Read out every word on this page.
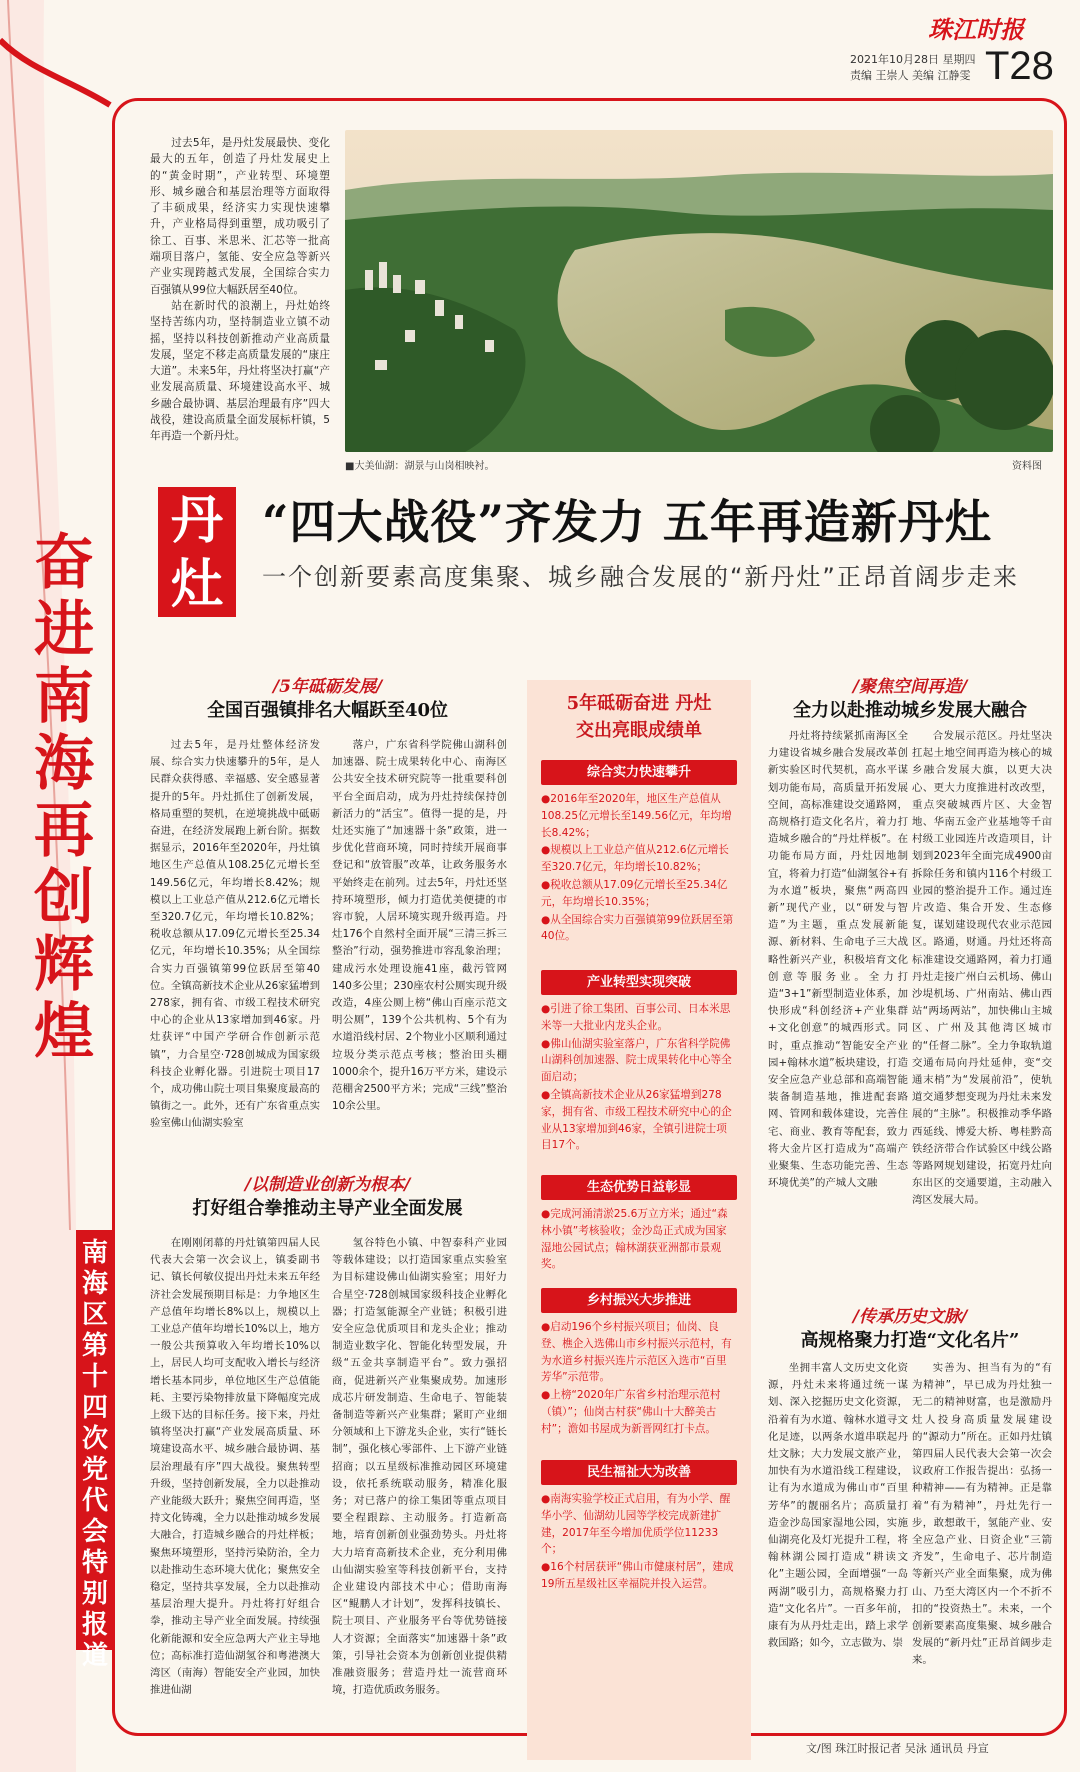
珠江时报
2021年10月28日 星期四
责编 王崇人 美编 江静雯 T28
奋进南海 再创辉煌
南海区第十四次党代会特别报道

过去5年，是丹灶发展最快、变化最大的五年，创造了丹灶发展史上的“黄金时期”，产业转型、环境塑形、城乡融合和基层治理等方面取得了丰硕成果，经济实力实现快速攀升，产业格局得到重塑，成功吸引了徐工、百事、米思米、汇芯等一批高端项目落户，氢能、安全应急等新兴产业实现跨越式发展，全国综合实力百强镇从99位大幅跃居至40位。

站在新时代的浪潮上，丹灶始终坚持苦练内功，坚持制造业立镇不动摇，坚持以科技创新推动产业高质量发展，坚定不移走高质量发展的“康庄大道”。未来5年，丹灶将坚决打赢“产业发展高质量、环境建设高水平、城乡融合最协调、基层治理最有序”四大战役，建设高质量全面发展标杆镇，5年再造一个新丹灶。

■大美仙湖：湖景与山岗相映衬。	资料图
丹灶
“四大战役”齐发力 五年再造新丹灶
一个创新要素高度集聚、城乡融合发展的“新丹灶”正昂首阔步走来
/5年砥砺发展/
全国百强镇排名大幅跃至40位

过去5年，是丹灶整体经济发展、综合实力快速攀升的5年，是人民群众获得感、幸福感、安全感显著提升的5年。丹灶抓住了创新发展，格局重塑的契机，在逆境挑战中砥砺奋进，在经济发展跑上新台阶。据数据显示，2016年至2020年，丹灶镇地区生产总值从108.25亿元增长至149.56亿元，年均增长8.42%；规模以上工业总产值从212.6亿元增长至320.7亿元，年均增长10.82%；税收总额从17.09亿元增长至25.34亿元，年均增长10.35%；从全国综合实力百强镇第99位跃居至第40位。全镇高新技术企业从26家猛增到278家，拥有省、市级工程技术研究中心的企业从13家增加到46家。丹灶获评“中国产学研合作创新示范镇”，力合星空·728创城成为国家级科技企业孵化器。引进院士项目17个，成功佛山院士项目集聚度最高的镇街之一。此外，还有广东省重点实验室佛山仙湖实验室

落户，广东省科学院佛山湖科创加速器、院士成果转化中心、南海区公共安全技术研究院等一批重要科创平台全面启动，成为丹灶持续保持创新活力的“活宝”。值得一提的是，丹灶还实施了“加速器十条”政策，进一步优化营商环境，同时持续开展商事登记和“放管服”改革，让政务服务水平始终走在前列。过去5年，丹灶还坚持环境塑形，倾力打造优美便捷的市容市貌，人居环境实现升级再造。丹灶176个自然村全面开展“三清三拆三整治”行动，强势推进市容乱象治理；建成污水处理设施41座，截污管网140多公里；230座农村公厕实现升级改造，4座公厕上榜“佛山百座示范文明公厕”，139个公共机构、5个有为水道沿线村居、2个物业小区顺利通过垃圾分类示范点考核；整治田头棚1000余个，提升16万平方米，建设示范棚舍2500平方米；完成“三线”整治10余公里。

/以制造业创新为根本/
打好组合拳推动主导产业全面发展

在刚刚闭幕的丹灶镇第四届人民代表大会第一次会议上，镇委副书记、镇长何敏仪提出丹灶未来五年经济社会发展预期目标是：力争地区生产总值年均增长8%以上，规模以上工业总产值年均增长10%以上，地方一般公共预算收入年均增长10%以上，居民人均可支配收入增长与经济增长基本同步，单位地区生产总值能耗、主要污染物排放量下降幅度完成上级下达的目标任务。接下来，丹灶镇将坚决打赢“产业发展高质量、环境建设高水平、城乡融合最协调、基层治理最有序”四大战役。聚焦转型升级，坚持创新发展，全力以赴推动产业能级大跃升；聚焦空间再造，坚持文化铸魂，全力以赴推动城乡发展大融合，打造城乡融合的丹灶样板；聚焦环境塑形，坚持污染防治，全力以赴推动生态环境大优化；聚焦安全稳定，坚持共享发展，全力以赴推动基层治理大提升。丹灶将打好组合拳，推动主导产业全面发展。持续强化新能源和安全应急两大产业主导地位；高标准打造仙湖氢谷和粤港澳大湾区（南海）智能安全产业园，加快推进仙湖

氢谷特色小镇、中智泰科产业园等载体建设；以打造国家重点实验室为目标建设佛山仙湖实验室；用好力合星空·728创城国家级科技企业孵化器；打造氢能源全产业链；积极引进安全应急优质项目和龙头企业；推动制造业数字化、智能化转型发展，升级“五金共享制造平台”。致力强招商，促进新兴产业集聚成势。加速形成芯片研发制造、生命电子、智能装备制造等新兴产业集群；紧盯产业细分领域和上下游龙头企业，实行“链长制”，强化核心零部件、上下游产业链招商；以五星级标准推动园区环境建设，依托系统联动服务，精准化服务；对已落户的徐工集团等重点项目要全程跟踪、主动服务。打造新高地，培育创新创业强劲势头。丹灶将大力培育高新技术企业，充分利用佛山仙湖实验室等科技创新平台，支持企业建设内部技术中心；借助南海区“鲲鹏人才计划”，发挥科技镇长、院士项目、产业服务平台等优势链接人才资源；全面落实“加速器十条”政策，引导社会资本为创新创业提供精准融资服务；营造丹灶一流营商环境，打造优质政务服务。

5年砥砺奋进 丹灶交出亮眼成绩单
综合实力快速攀升

●2016年至2020年，地区生产总值从108.25亿元增长至149.56亿元，年均增长8.42%；

●规模以上工业总产值从212.6亿元增长至320.7亿元，年均增长10.82%；

●税收总额从17.09亿元增长至25.34亿元，年均增长10.35%；

●从全国综合实力百强镇第99位跃居至第40位。

产业转型实现突破

●引进了徐工集团、百事公司、日本米思米等一大批业内龙头企业。

●佛山仙湖实验室落户，广东省科学院佛山湖科创加速器、院士成果转化中心等全面启动；

●全镇高新技术企业从26家猛增到278家，拥有省、市级工程技术研究中心的企业从13家增加到46家，全镇引进院士项目17个。

生态优势日益彰显

●完成河涌清淤25.6万立方米；通过“森林小镇”考核验收；金沙岛正式成为国家湿地公园试点；翰林湖获亚洲都市景观奖。

乡村振兴大步推进

●启动196个乡村振兴项目；仙岗、良登、樵企入选佛山市乡村振兴示范村，有为水道乡村振兴连片示范区入选市“百里芳华”示范带。

●上榜“2020年广东省乡村治理示范村（镇）”；仙岗古村获“佛山十大醉美古村”；澹如书屋成为新晋网红打卡点。

民生福祉大为改善

●南海实验学校正式启用，有为小学、醒华小学、仙湖幼儿园等学校完成新建扩建，2017年至今增加优质学位11233个；

●16个村居获评“佛山市健康村居”，建成19所五星级社区幸福院并投入运营。

/聚焦空间再造/
全力以赴推动城乡发展大融合

丹灶将持续紧抓南海区全力建设省城乡融合发展改革创新实验区时代契机，高水平谋划功能布局，高质量开拓发展空间，高标准建设交通路网，高规格打造文化名片，着力打造城乡融合的“丹灶样板”。在功能布局方面，丹灶因地制宜，将着力打造“仙湖氢谷+有为水道”板块，聚焦“两高四新”现代产业，以“研发与智造”为主题，重点发展新能源、新材料、生命电子三大战略性新兴产业，积极培育文化创意等服务业。全力打造“3+1”新型制造业体系，加快形成“科创经济+产业集群+文化创意”的城西形式。同时，重点推动“智能安全产业园+翰林水道”板块建设，打造安全应急产业总部和高端智能装备制造基地，推进配套路网、管网和载体建设，完善住宅、商业、教育等配套，致力将大金片区打造成为“高端产业聚集、生态功能完善、生态环境优美”的产城人文融

合发展示范区。丹灶坚决扛起土地空间再造为核心的城乡融合发展大旗，以更大决心、更大力度推进村改改型，重点突破城西片区、大金智地、华南五金产业基地等千亩村级工业园连片改造项目，计划到2023年全面完成4900亩拆除任务和镇内116个村级工业园的整治提升工作。通过连片改造、集合开发、生态修复，谋划建设现代农业示范园区。路通，财通。丹灶还将高标准建设交通路网，着力打通丹灶走接广州白云机场、佛山沙堤机场、广州南站、佛山西站“两场两站”，加快佛山主城区、广州及其他湾区城市的“任督二脉”。全力争取轨道交通布局向丹灶延伸，变“交通末梢”为“发展前沿”，使轨道交通梦想变现为丹灶未来发展的“主脉”。积极推动季华路西延线、博爱大桥、粤桂黔高铁经济带合作试验区中线公路等路网规划建设，拓宽丹灶向东出区的交通要道，主动融入湾区发展大局。

/传承历史文脉/
高规格聚力打造“文化名片”

坐拥丰富人文历史文化资源，丹灶未来将通过统一谋划、深入挖掘历史文化资源，沿着有为水道、翰林水道寻文化足迹，以两条水道串联起丹灶文脉；大力发展文旅产业，加快有为水道沿线工程建设，让有为水道成为佛山市“百里芳华”的靓丽名片；高质量打造金沙岛国家湿地公园，实施仙湖亮化及灯光提升工程，将翰林湖公园打造成“耕读文化”主题公园，全面增强“一岛两湖”吸引力，高规格聚力打造“文化名片”。一百多年前，康有为从丹灶走出，踏上求学救国路；如今，立志做为、崇

实善为、担当有为的“有为精神”，早已成为丹灶独一无二的精神财富，也是激励丹灶人投身高质量发展建设的“源动力”所在。正如丹灶镇第四届人民代表大会第一次会议政府工作报告提出：弘扬一种精神——有为精神。正是靠着“有为精神”，丹灶先行一步，敢想敢干，氢能产业、安全应急产业、日资企业“三箭齐发”，生命电子、芯片制造等新兴产业全面集聚，成为佛山、乃至大湾区内一个不折不扣的“投资热土”。未来，一个创新要素高度集聚、城乡融合发展的“新丹灶”正昂首阔步走来。

文/图 珠江时报记者 吴泳 通讯员 丹宣
